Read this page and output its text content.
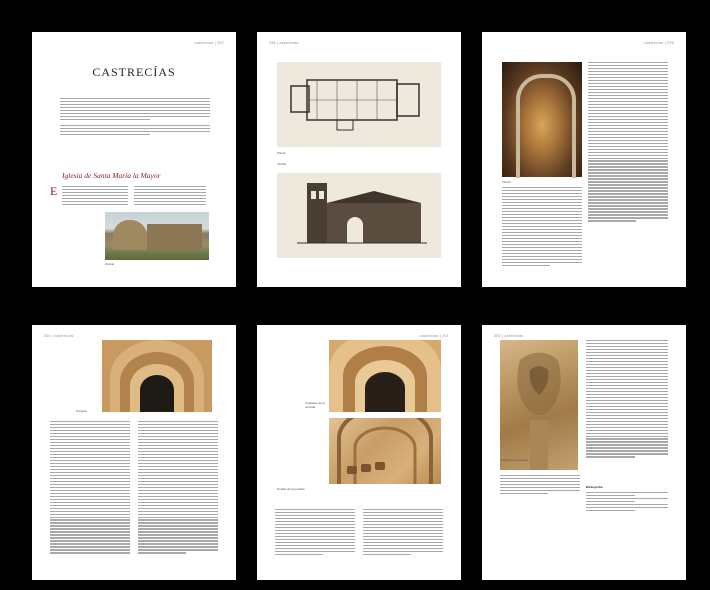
castrecías | 297
CASTRECÍAS
Iglesia de Santa María la Mayor
E
Ábside
298 | castrecías
Planta
Alzado
castrecías | 299
Interior
300 | castrecías
Portada
castrecías | 301
Capiteles de la portada
Detalle de la portada
302 | castrecías
Capitel de la ventana
Bibliografía
